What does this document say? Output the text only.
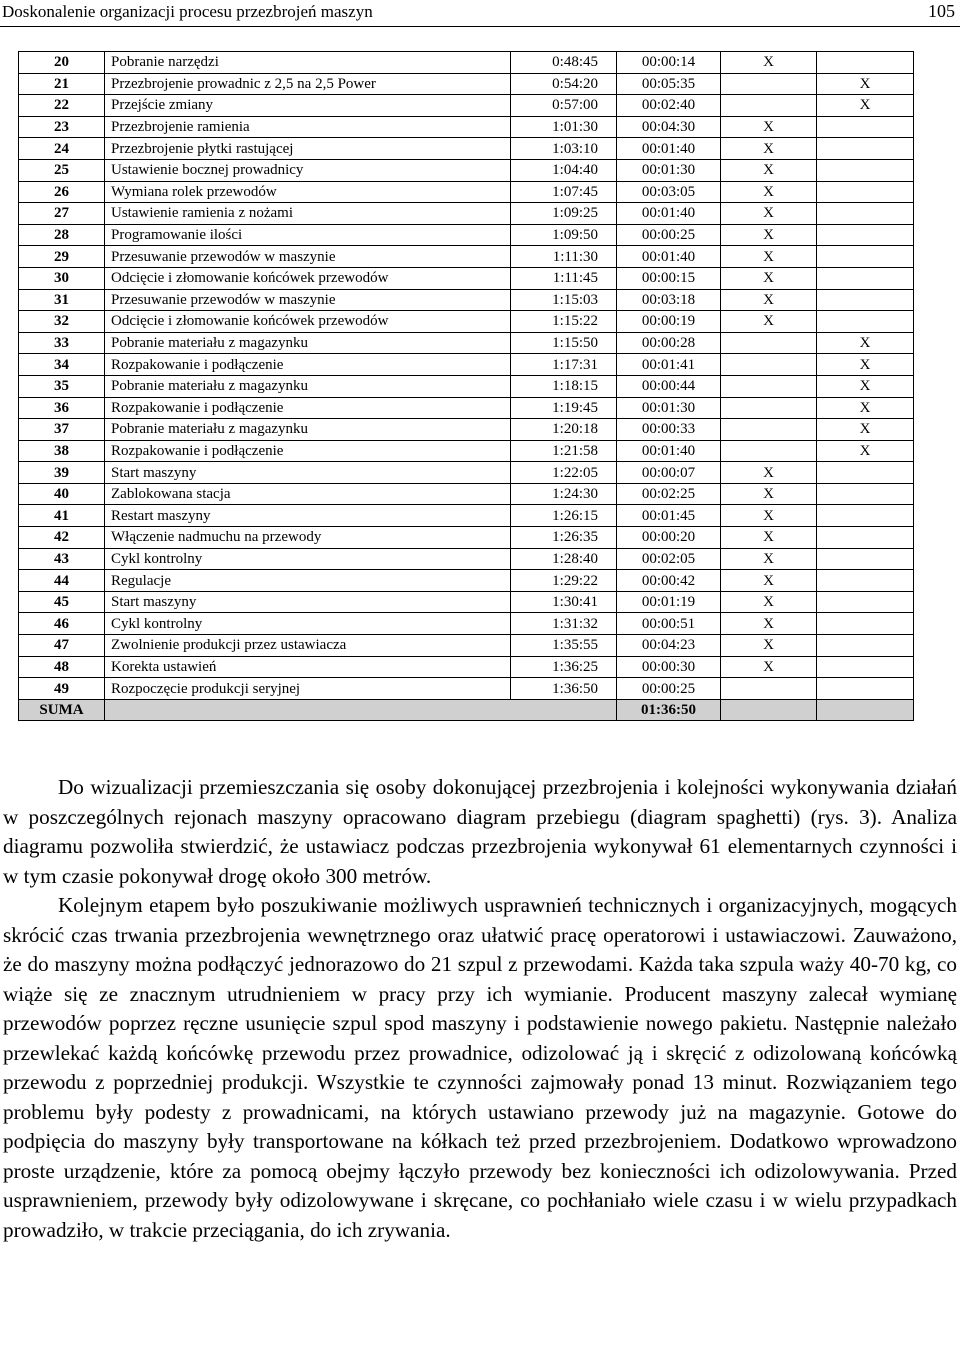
Doskonalenie organizacji procesu przezbrojeń maszyn	105
20	Pobranie narzędzi	0:48:45	00:00:14	X	
21	Przezbrojenie prowadnic z 2,5 na 2,5 Power	0:54:20	00:05:35		X
22	Przejście zmiany	0:57:00	00:02:40		X
23	Przezbrojenie ramienia	1:01:30	00:04:30	X	
24	Przezbrojenie płytki rastującej	1:03:10	00:01:40	X	
25	Ustawienie bocznej prowadnicy	1:04:40	00:01:30	X	
26	Wymiana rolek przewodów	1:07:45	00:03:05	X	
27	Ustawienie ramienia z nożami	1:09:25	00:01:40	X	
28	Programowanie ilości	1:09:50	00:00:25	X	
29	Przesuwanie przewodów w maszynie	1:11:30	00:01:40	X	
30	Odcięcie i złomowanie końcówek przewodów	1:11:45	00:00:15	X	
31	Przesuwanie przewodów w maszynie	1:15:03	00:03:18	X	
32	Odcięcie i złomowanie końcówek przewodów	1:15:22	00:00:19	X	
33	Pobranie materiału z magazynku	1:15:50	00:00:28		X
34	Rozpakowanie i podłączenie	1:17:31	00:01:41		X
35	Pobranie materiału z magazynku	1:18:15	00:00:44		X
36	Rozpakowanie i podłączenie	1:19:45	00:01:30		X
37	Pobranie materiału z magazynku	1:20:18	00:00:33		X
38	Rozpakowanie i podłączenie	1:21:58	00:01:40		X
39	Start maszyny	1:22:05	00:00:07	X	
40	Zablokowana stacja	1:24:30	00:02:25	X	
41	Restart maszyny	1:26:15	00:01:45	X	
42	Włączenie nadmuchu na przewody	1:26:35	00:00:20	X	
43	Cykl kontrolny	1:28:40	00:02:05	X	
44	Regulacje	1:29:22	00:00:42	X	
45	Start maszyny	1:30:41	00:01:19	X	
46	Cykl kontrolny	1:31:32	00:00:51	X	
47	Zwolnienie produkcji przez ustawiacza	1:35:55	00:04:23	X	
48	Korekta ustawień	1:36:25	00:00:30	X	
49	Rozpoczęcie produkcji seryjnej	1:36:50	00:00:25		
SUMA			01:36:50		

Do wizualizacji przemieszczania się osoby dokonującej przezbrojenia i kolejności wykonywania działań w poszczególnych rejonach maszyny opracowano diagram przebiegu (diagram spaghetti) (rys. 3). Analiza diagramu pozwoliła stwierdzić, że ustawiacz podczas przezbrojenia wykonywał 61 elementarnych czynności i w tym czasie pokonywał drogę około 300 metrów.

Kolejnym etapem było poszukiwanie możliwych usprawnień technicznych i organizacyjnych, mogących skrócić czas trwania przezbrojenia wewnętrznego oraz ułatwić pracę operatorowi i ustawiaczowi. Zauważono, że do maszyny można podłączyć jednorazowo do 21 szpul z przewodami. Każda taka szpula waży 40-70 kg, co wiąże się ze znacznym utrudnieniem w pracy przy ich wymianie. Producent maszyny zalecał wymianę przewodów poprzez ręczne usunięcie szpul spod maszyny i podstawienie nowego pakietu. Następnie należało przewlekać każdą końcówkę przewodu przez prowadnice, odizolować ją i skręcić z odizolowaną końcówką przewodu z poprzedniej produkcji. Wszystkie te czynności zajmowały ponad 13 minut. Rozwiązaniem tego problemu były podesty z prowadnicami, na których ustawiano przewody już na magazynie. Gotowe do podpięcia do maszyny były transportowane na kółkach też przed przezbrojeniem. Dodatkowo wprowadzono proste urządzenie, które za pomocą obejmy łączyło przewody bez konieczności ich odizolowywania. Przed usprawnieniem, przewody były odizolowywane i skręcane, co pochłaniało wiele czasu i w wielu przypadkach prowadziło, w trakcie przeciągania, do ich zrywania.
